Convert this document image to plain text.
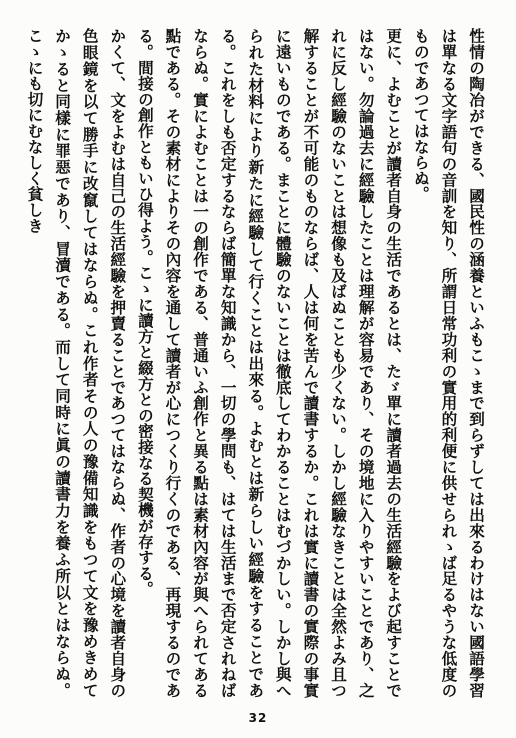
性情の陶冶ができる、國民性の涵養といふもこゝまで到らずしては出來るわけはない國語學習は單なる文字語句の音訓を知り、所謂日常功利の實用的利便に供せられゝば足るやうな低度のものであつてはならぬ。

更に、よむことが讀者自身の生活であるとは、たゞ單に讀者過去の生活經驗をよび起すことではない。勿論過去に經驗したことは理解が容易であり、その境地に入りやすいことであり、之れに反し經驗のないことは想像も及ばぬことも少くない。しかし經驗なきことは全然よみ且つ解することが不可能のものならば、人は何を苦んで讀書するか。これは實に讀書の實際の事實に遠いものである。まことに體驗のないことは徹底してわかることはむづかしい。しかし與へられた材料により新たに經驗して行くことは出來る。よむとは新らしい經驗をすることである。これをしも否定するならば簡單な知識から、一切の學問も、はては生活まで否定されねばならぬ。實によむことは一の創作である、普通いふ創作と異る點は素材內容が與へられてある點である。その素材によりその內容を通して讀者が心につくり行くのである、再現するのである。間接の創作ともいひ得よう。こゝに讀方と綴方との密接なる契機が存する。

かくて、文をよむは自己の生活經驗を押賣ることであつてはならぬ、作者の心境を讀者自身の色眼鏡を以て勝手に改竄してはならぬ。これ作者その人の豫備知識をもつて文を豫めきめてかゝると同樣に罪惡であり、冒瀆である。而して同時に眞の讀書力を養ふ所以とはならぬ。こゝにも切にむなしく貧しき

32
